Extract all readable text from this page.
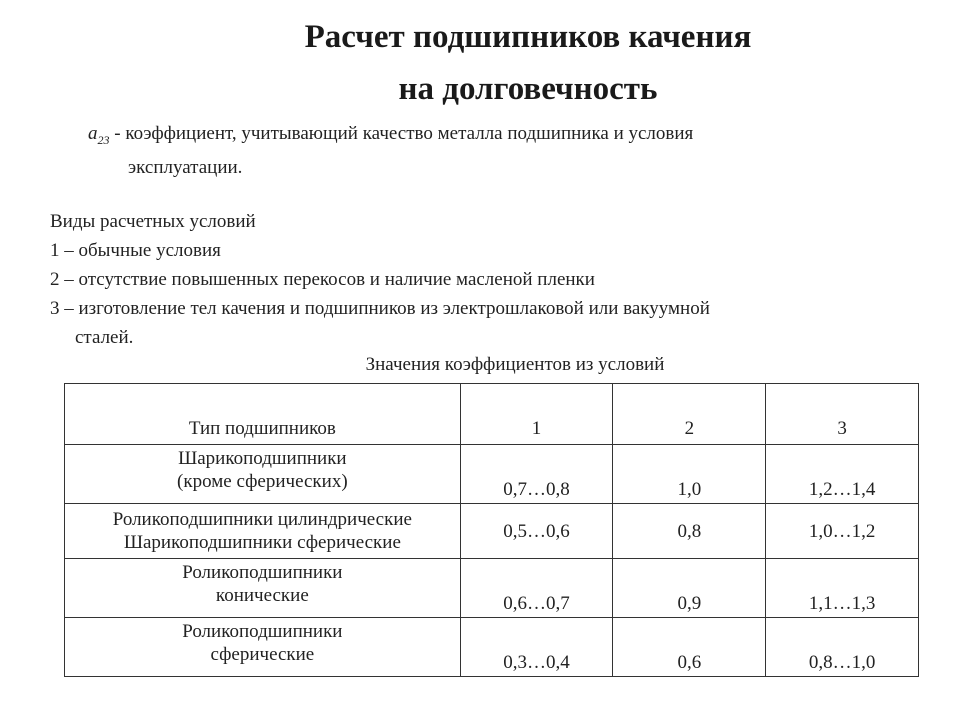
Расчет подшипников качения
на долговечность
$a_{23}$ - коэффициент, учитывающий качество металла подшипника и условия
эксплуатации.
Виды расчетных условий
1 – обычные условия
2 – отсутствие повышенных перекосов и наличие масленой пленки
3 – изготовление тел качения и подшипников из электрошлаковой или вакуумной
сталей.
Значения коэффициентов из условий
Тип подшипников	1	2	3

Шарикоподшипники
(кроме сферических)	0,7…0,8	1,0	1,2…1,4

Роликоподшипники цилиндрические
Шарикоподшипники сферические	0,5…0,6	0,8	1,0…1,2

Роликоподшипники
конические	0,6…0,7	0,9	1,1…1,3

Роликоподшипники
сферические	0,3…0,4	0,6	0,8…1,0
